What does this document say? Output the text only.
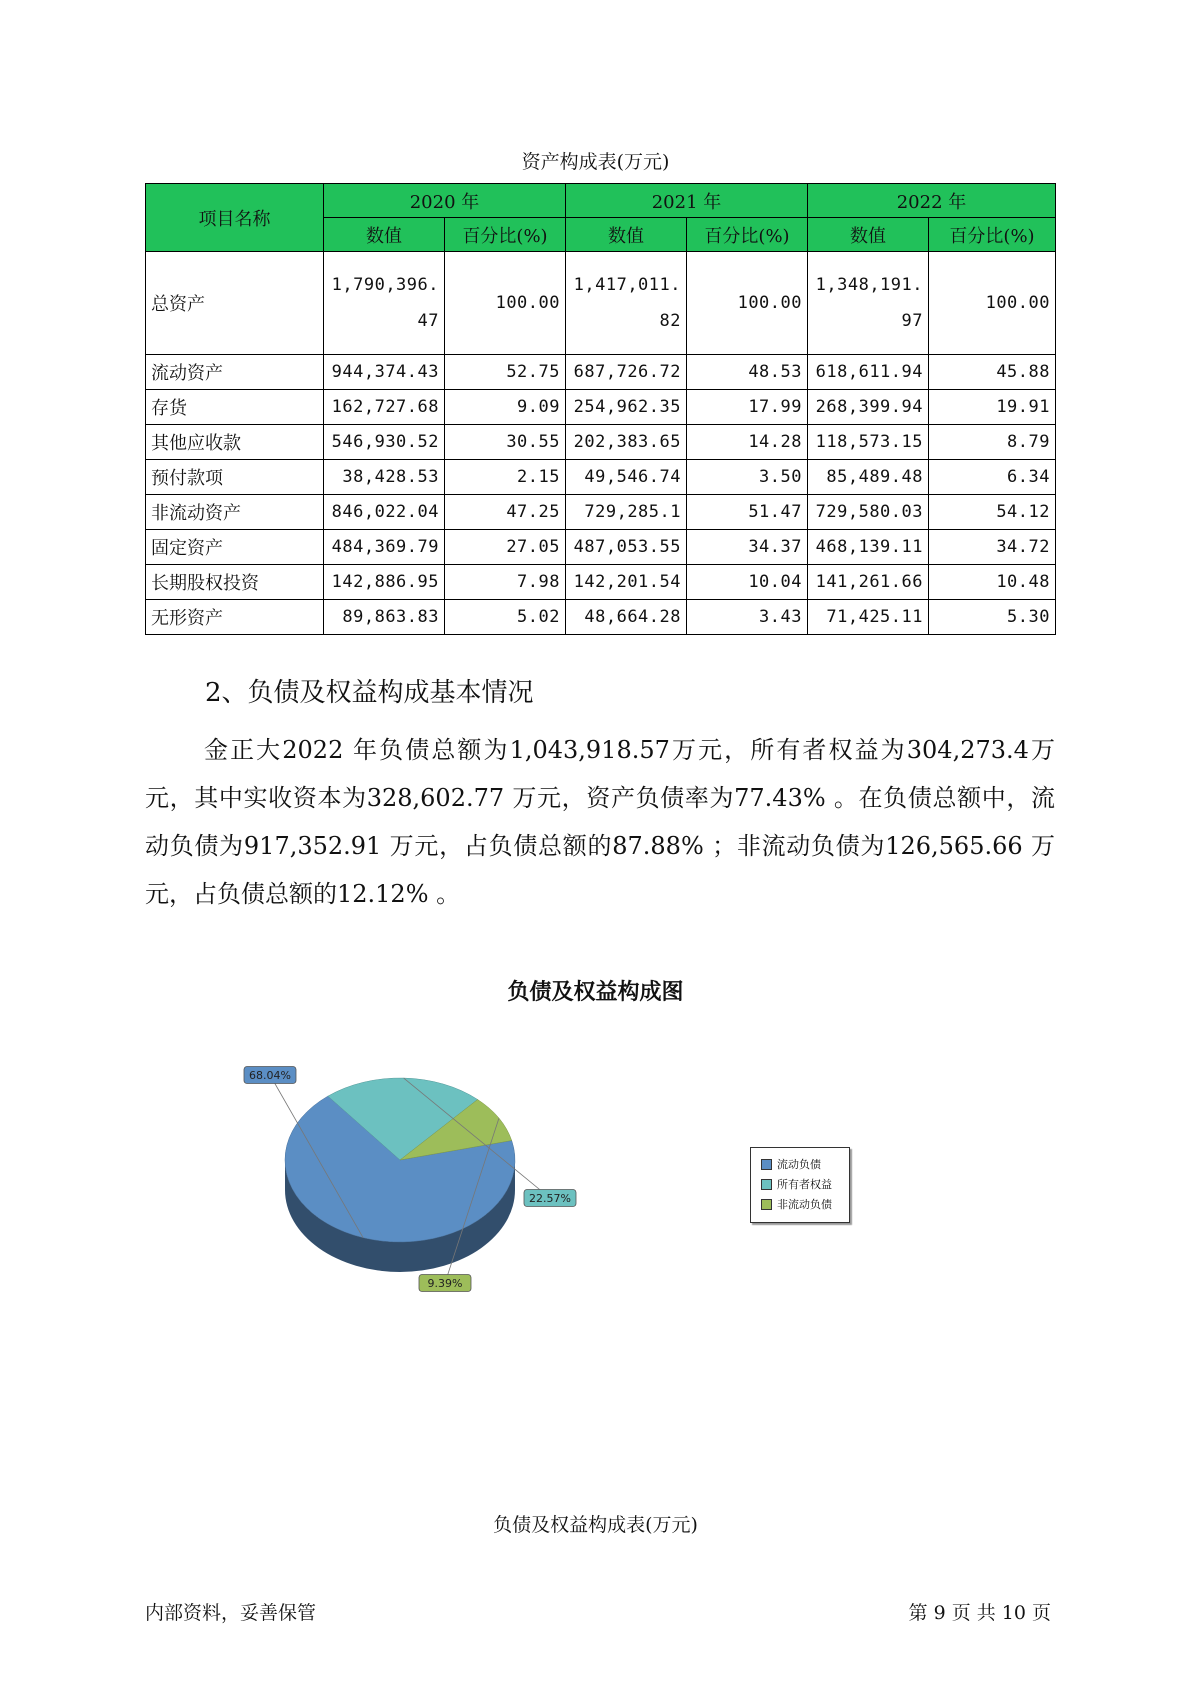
资产构成表(万元)
项目名称	2020 年		2021 年		2022 年	
	数值	百分比(%)	数值	百分比(%)	数值	百分比(%)
总资产	1,790,396.47	100.00	1,417,011.82	100.00	1,348,191.97	100.00
流动资产	944,374.43	52.75	687,726.72	48.53	618,611.94	45.88
存货	162,727.68	9.09	254,962.35	17.99	268,399.94	19.91
其他应收款	546,930.52	30.55	202,383.65	14.28	118,573.15	8.79
预付款项	38,428.53	2.15	49,546.74	3.50	85,489.48	6.34
非流动资产	846,022.04	47.25	729,285.1	51.47	729,580.03	54.12
固定资产	484,369.79	27.05	487,053.55	34.37	468,139.11	34.72
长期股权投资	142,886.95	7.98	142,201.54	10.04	141,261.66	10.48
无形资产	89,863.83	5.02	48,664.28	3.43	71,425.11	5.30
2、负债及权益构成基本情况
金正大2022 年负债总额为1,043,918.57万元，所有者权益为304,273.4万元，其中实收资本为328,602.77 万元，资产负债率为77.43% 。在负债总额中，流动负债为917,352.91 万元，占负债总额的87.88% ；非流动负债为126,565.66 万元，占负债总额的12.12% 。
负债及权益构成图
68.04%
22.57%
9.39%
流动负债
所有者权益
非流动负债
负债及权益构成表(万元)
内部资料，妥善保管	第 9 页 共 10 页
